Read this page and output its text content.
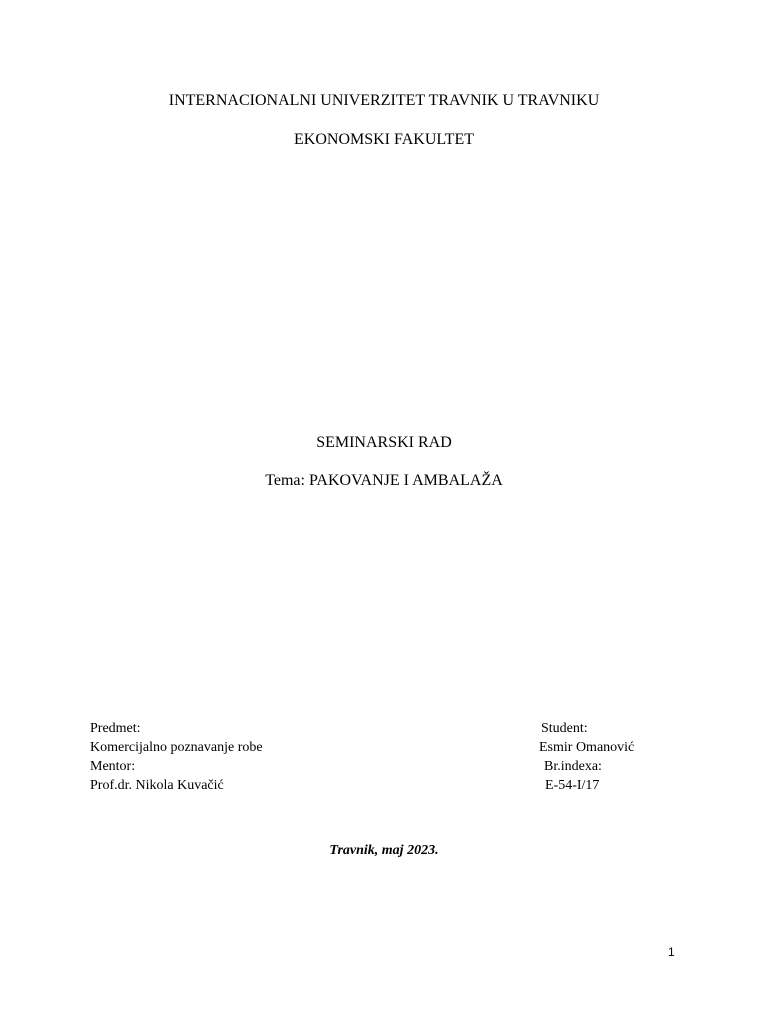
INTERNACIONALNI UNIVERZITET TRAVNIK U TRAVNIKU
EKONOMSKI FAKULTET
SEMINARSKI RAD
Tema: PAKOVANJE I AMBALAŽA
Predmet:
Komercijalno poznavanje robe
Mentor:
Prof.dr. Nikola Kuvačić
Student:
Esmir Omanović
Br.indexa:
E-54-I/17
Travnik, maj 2023.
1
